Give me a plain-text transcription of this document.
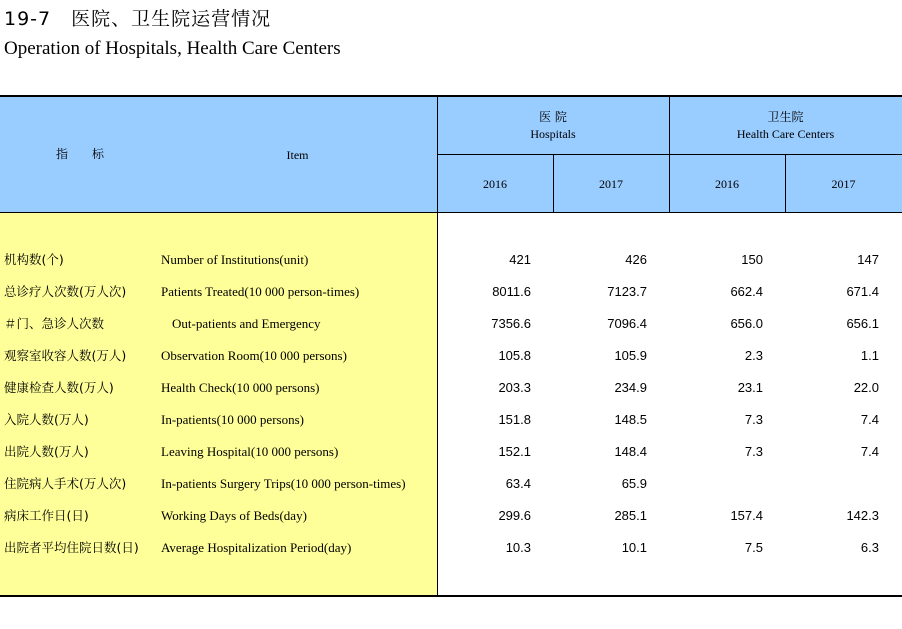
19-7　医院、卫生院运营情况
Operation of Hospitals, Health Care Centers
指　　标	Item
医 院
Hospitals
卫生院
Health Care Centers
2016	2017	2016	2017
机构数(个)	Number of Institutions(unit)	421	426	150	147
总诊疗人次数(万人次)	Patients Treated(10 000 person-times)	8011.6	7123.7	662.4	671.4
＃门、急诊人次数	Out-patients and Emergency	7356.6	7096.4	656.0	656.1
观察室收容人数(万人)	Observation Room(10 000 persons)	105.8	105.9	2.3	1.1
健康检查人数(万人)	Health Check(10 000 persons)	203.3	234.9	23.1	22.0
入院人数(万人)	In-patients(10 000 persons)	151.8	148.5	7.3	7.4
出院人数(万人)	Leaving Hospital(10 000 persons)	152.1	148.4	7.3	7.4
住院病人手术(万人次)	In-patients Surgery Trips(10 000 person-times)	63.4	65.9
病床工作日(日)	Working Days of Beds(day)	299.6	285.1	157.4	142.3
出院者平均住院日数(日) Average Hospitalization Period(day)	10.3	10.1	7.5	6.3
